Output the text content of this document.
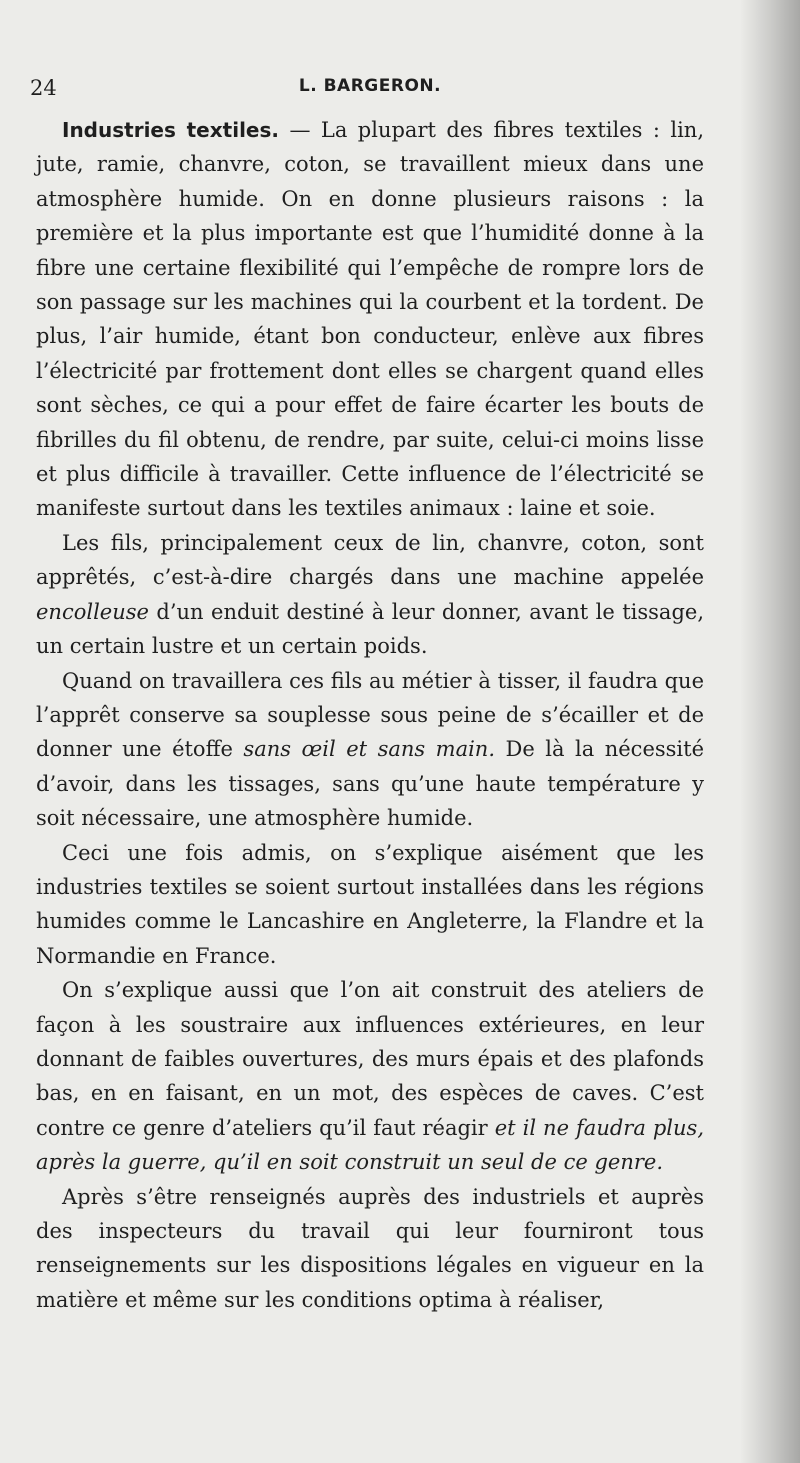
24	L. BARGERON.

Industries textiles. — La plupart des fibres textiles : lin, jute, ramie, chanvre, coton, se travaillent mieux dans une atmosphère humide. On en donne plusieurs raisons : la première et la plus importante est que l’humidité donne à la fibre une certaine flexibilité qui l’empêche de rompre lors de son passage sur les machines qui la courbent et la tordent. De plus, l’air humide, étant bon conducteur, enlève aux fibres l’électricité par frottement dont elles se chargent quand elles sont sèches, ce qui a pour effet de faire écarter les bouts de fibrilles du fil obtenu, de rendre, par suite, celui-ci moins lisse et plus difficile à travailler. Cette influence de l’électricité se manifeste surtout dans les textiles animaux : laine et soie.

Les fils, principalement ceux de lin, chanvre, coton, sont apprêtés, c’est-à-dire chargés dans une machine appelée encolleuse d’un enduit destiné à leur donner, avant le tissage, un certain lustre et un certain poids.

Quand on travaillera ces fils au métier à tisser, il faudra que l’apprêt conserve sa souplesse sous peine de s’écailler et de donner une étoffe sans œil et sans main. De là la nécessité d’avoir, dans les tissages, sans qu’une haute température y soit nécessaire, une atmosphère humide.

Ceci une fois admis, on s’explique aisément que les industries textiles se soient surtout installées dans les régions humides comme le Lancashire en Angleterre, la Flandre et la Normandie en France.

On s’explique aussi que l’on ait construit des ateliers de façon à les soustraire aux influences extérieures, en leur donnant de faibles ouvertures, des murs épais et des plafonds bas, en en faisant, en un mot, des espèces de caves. C’est contre ce genre d’ateliers qu’il faut réagir et il ne faudra plus, après la guerre, qu’il en soit construit un seul de ce genre.

Après s’être renseignés auprès des industriels et auprès des inspecteurs du travail qui leur fourniront tous renseignements sur les dispositions légales en vigueur en la matière et même sur les conditions optima à réaliser,
